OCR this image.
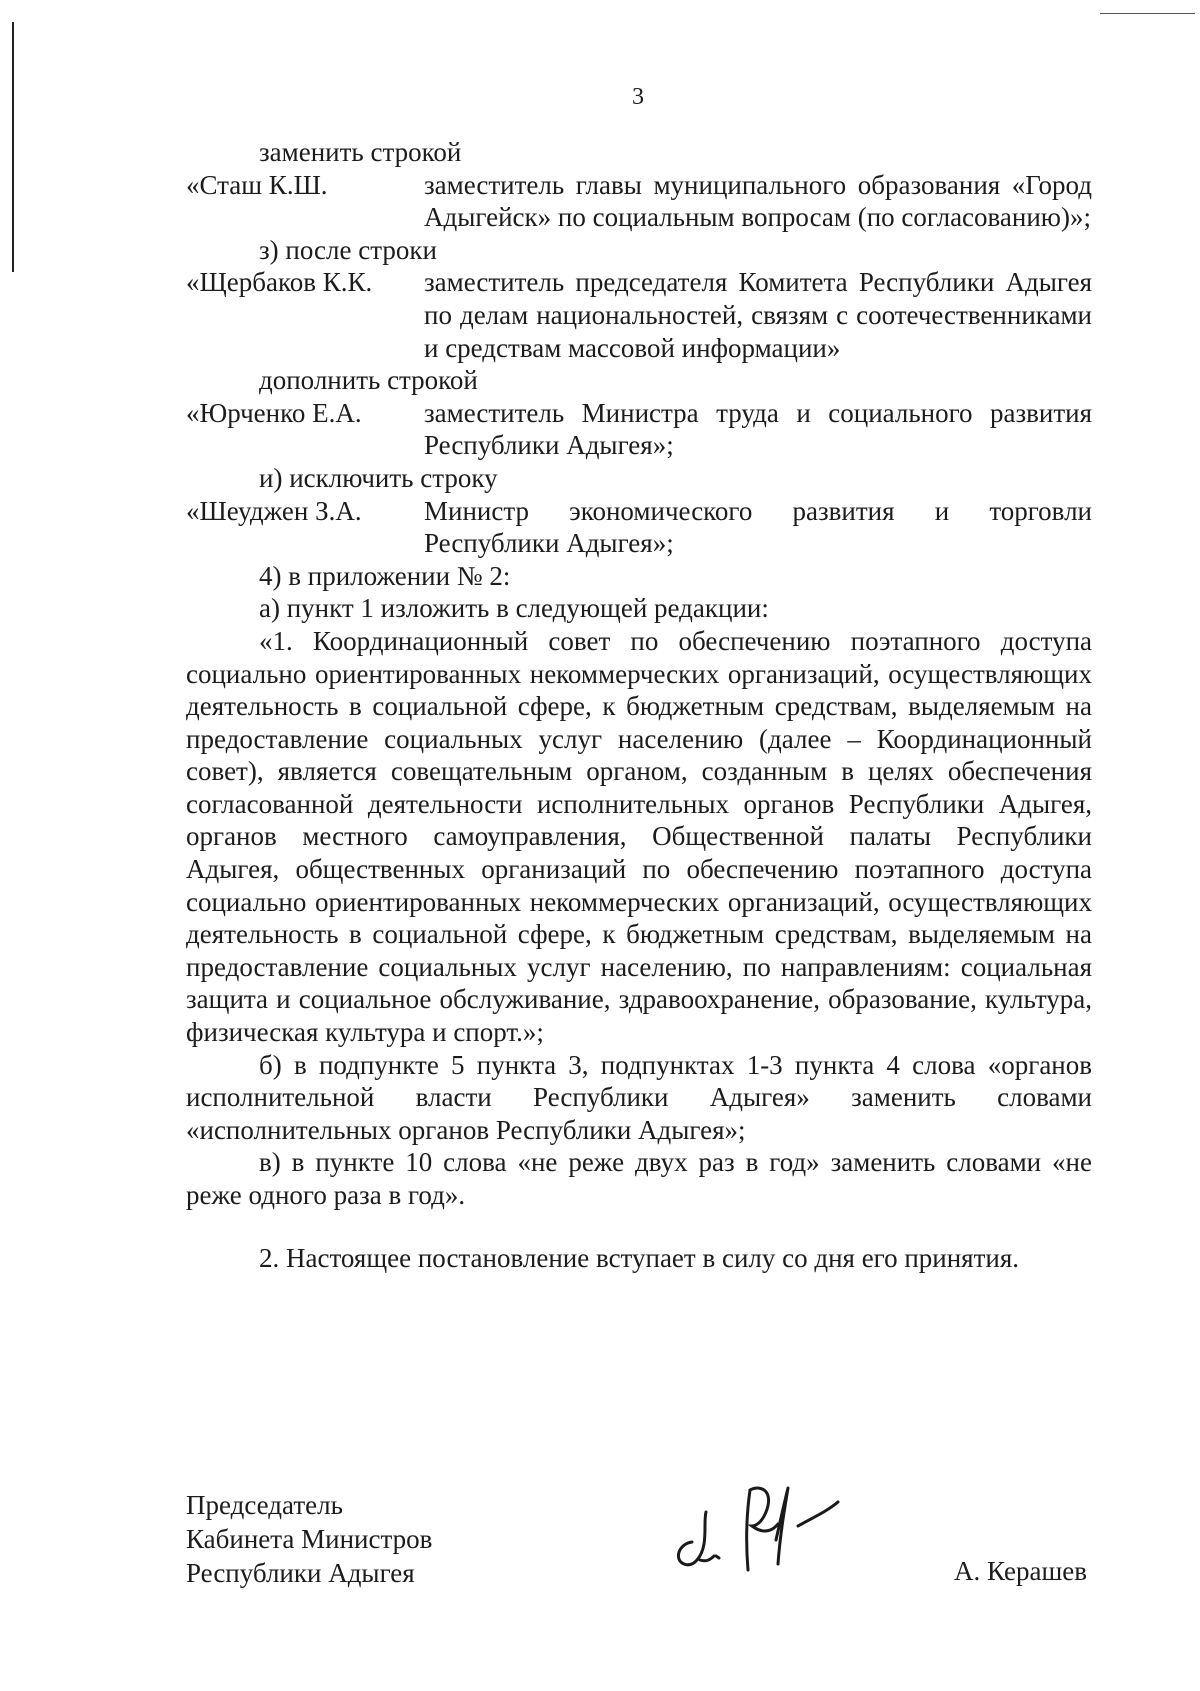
3
заменить строкой
«Сташ К.Ш.	заместитель главы муниципального образования «Город Адыгейск» по социальным вопросам (по согласованию)»;
з) после строки
«Щербаков К.К.	заместитель председателя Комитета Республики Адыгея по делам национальностей, связям с соотечественниками и средствам массовой информации»
дополнить строкой
«Юрченко Е.А.	заместитель Министра труда и социального развития Республики Адыгея»;
и) исключить строку
«Шеуджен З.А.	Министр экономического развития и торговли Республики Адыгея»;
4) в приложении № 2:
а) пункт 1 изложить в следующей редакции:
«1. Координационный совет по обеспечению поэтапного доступа социально ориентированных некоммерческих организаций, осуществляющих деятельность в социальной сфере, к бюджетным средствам, выделяемым на предоставление социальных услуг населению (далее – Координационный совет), является совещательным органом, созданным в целях обеспечения согласованной деятельности исполнительных органов Республики Адыгея, органов местного самоуправления, Общественной палаты Республики Адыгея, общественных организаций по обеспечению поэтапного доступа социально ориентированных некоммерческих организаций, осуществляющих деятельность в социальной сфере, к бюджетным средствам, выделяемым на предоставление социальных услуг населению, по направлениям: социальная защита и социальное обслуживание, здравоохранение, образование, культура, физическая культура и спорт.»;
б) в подпункте 5 пункта 3, подпунктах 1-3 пункта 4 слова «органов исполнительной власти Республики Адыгея» заменить словами «исполнительных органов Республики Адыгея»;
в) в пункте 10 слова «не реже двух раз в год» заменить словами «не реже одного раза в год».
2. Настоящее постановление вступает в силу со дня его принятия.
Председатель
Кабинета Министров
Республики Адыгея	А. Керашев
